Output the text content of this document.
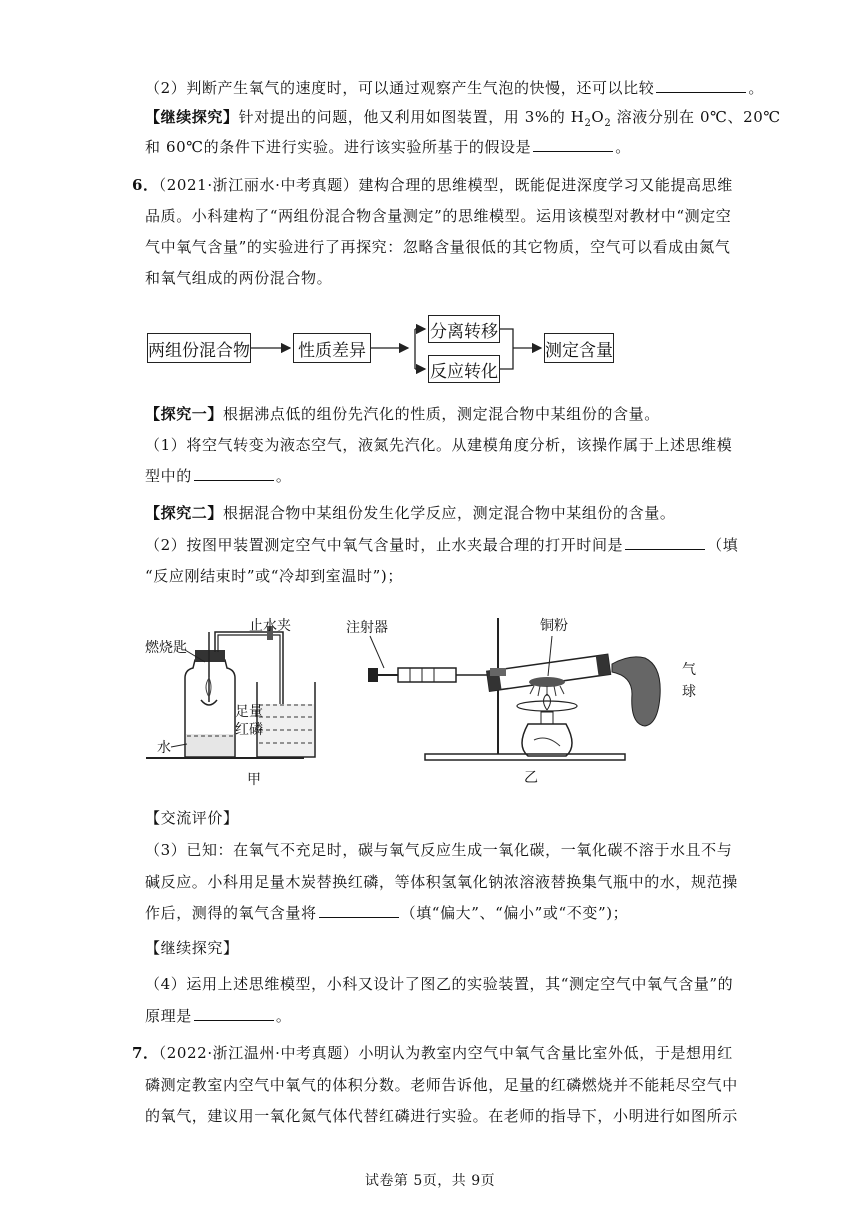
（2）判断产生氧气的速度时，可以通过观察产生气泡的快慢，还可以比较	。
【继续探究】针对提出的问题，他又利用如图装置，用 3%的 $H_2O_2$ 溶液分别在 0℃、20℃
和 60℃的条件下进行实验。进行该实验所基于的假设是	。
6．（2021·浙江丽水·中考真题）建构合理的思维模型，既能促进深度学习又能提高思维
品质。小科建构了“两组份混合物含量测定”的思维模型。运用该模型对教材中“测定空
气中氧气含量”的实验进行了再探究：忽略含量很低的其它物质，空气可以看成由氮气
和氧气组成的两份混合物。
两组份混合物	性质差异
分离转移
反应转化
测定含量
【探究一】根据沸点低的组份先汽化的性质，测定混合物中某组份的含量。
（1）将空气转变为液态空气，液氮先汽化。从建模角度分析，该操作属于上述思维模
型中的	。
【探究二】根据混合物中某组份发生化学反应，测定混合物中某组份的含量。
（2）按图甲装置测定空气中氧气含量时，止水夹最合理的打开时间是	（填
“反应刚结束时”或“冷却到室温时”)；
燃烧匙
止水夹
足量
红磷
水
甲
注射器	铜粉
气
球
乙
【交流评价】
（3）已知：在氧气不充足时，碳与氧气反应生成一氧化碳，一氧化碳不溶于水且不与
碱反应。小科用足量木炭替换红磷，等体积氢氧化钠浓溶液替换集气瓶中的水，规范操
作后，测得的氧气含量将	（填“偏大”、“偏小”或“不变”)；
【继续探究】
（4）运用上述思维模型，小科又设计了图乙的实验装置，其“测定空气中氧气含量”的
原理是	。
7．（2022·浙江温州·中考真题）小明认为教室内空气中氧气含量比室外低，于是想用红
磷测定教室内空气中氧气的体积分数。老师告诉他，足量的红磷燃烧并不能耗尽空气中
的氧气，建议用一氧化氮气体代替红磷进行实验。在老师的指导下，小明进行如图所示
试卷第 5页，共 9页
